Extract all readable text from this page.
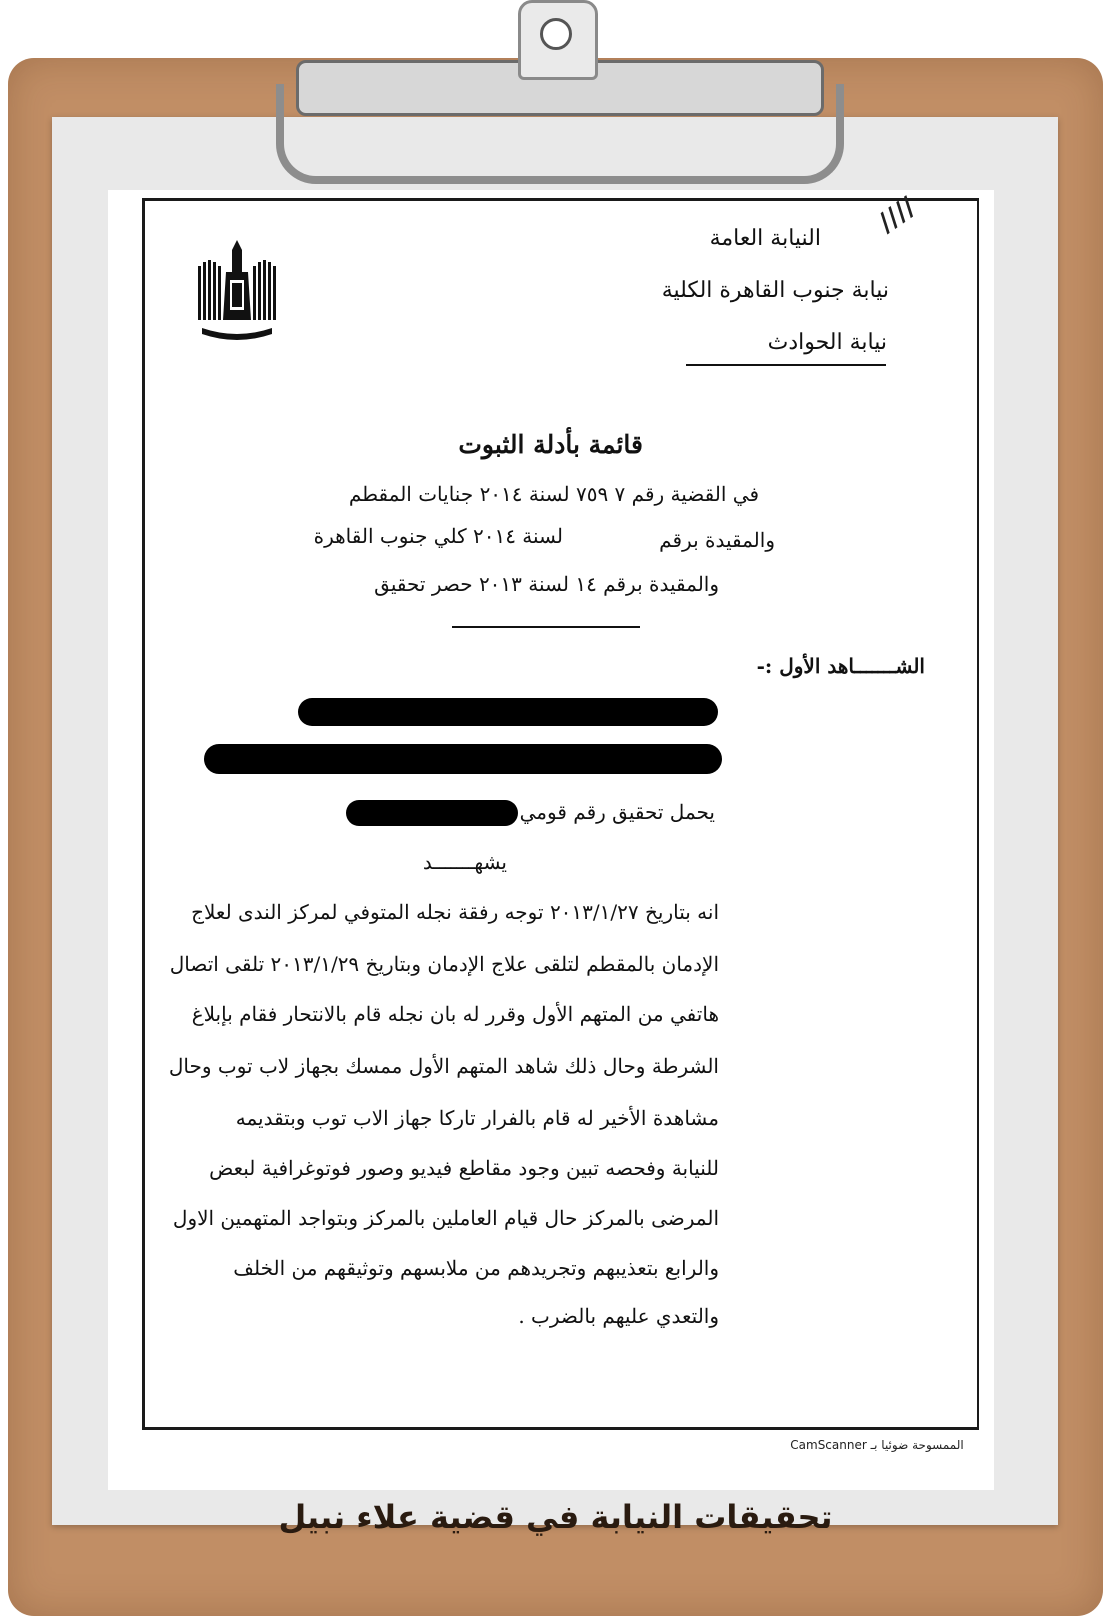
////
النيابة العامة
نيابة جنوب القاهرة الكلية
نيابة الحوادث
قائمة بأدلة الثبوت
في القضية رقم ٧ ٧٥٩ لسنة ٢٠١٤ جنايات المقطم
والمقيدة برقم
لسنة ٢٠١٤ كلي جنوب القاهرة
والمقيدة برقم ١٤ لسنة ٢٠١٣ حصر تحقيق
الشـــــــاهد الأول :-
يحمل تحقيق رقم قومي
يشهـــــــد
انه بتاريخ ٢٠١٣/١/٢٧ توجه رفقة نجله المتوفي لمركز الندى لعلاج
الإدمان بالمقطم لتلقى علاج الإدمان وبتاريخ ٢٠١٣/١/٢٩ تلقى اتصال
هاتفي من المتهم الأول وقرر له بان نجله قام بالانتحار فقام بإبلاغ
الشرطة وحال ذلك شاهد المتهم الأول ممسك بجهاز لاب توب وحال
مشاهدة الأخير له قام بالفرار تاركا جهاز الاب توب وبتقديمه
للنيابة وفحصه تبين وجود مقاطع فيديو وصور فوتوغرافية لبعض
المرضى بالمركز حال قيام العاملين بالمركز وبتواجد المتهمين الاول
والرابع بتعذيبهم وتجريدهم من ملابسهم وتوثيقهم من الخلف
والتعدي عليهم بالضرب .
الممسوحة ضوئيا بـ CamScanner
تحقيقات النيابة في قضية علاء نبيل
